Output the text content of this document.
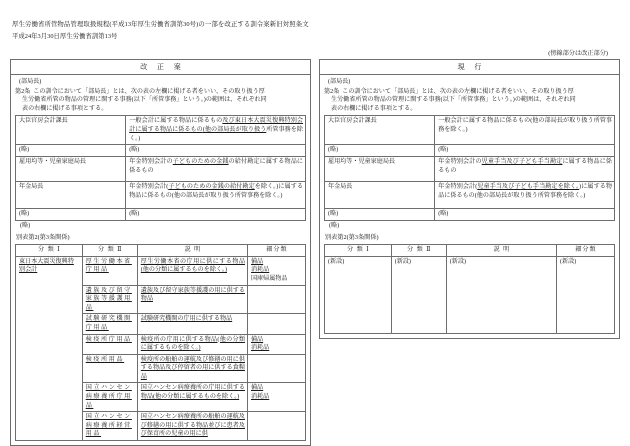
厚生労働省所管物品管理取扱規程(平成13年厚生労働省訓第30号)の一部を改正する訓令案新旧対照条文
平成24年3月30日厚生労働省訓第13号
(傍線部分は改正部分)
改 正 案
(部局長)
第2条 この訓令において「部局長」とは、次の表の左欄に掲げる者をいい、その取り扱う厚
生労働省所管の物品の管理に関する事務(以下「所管事務」という。)の範囲は、それぞれ同
表の右欄に掲げる事項とする。
大臣官房会計課長	一般会計に属する物品に係るもの及び東日本大震災復興特別会計に属する物品に係るもの(他の部局長が取り扱う所管事務を除く。)
(略)	(略)
雇用均等・児童家庭局長	年金特別会計の子どものための金銭の給付勘定に属する物品に係るもの
年金局長	年金特別会計(子どものための金銭の給付勘定を除く。)に属する物品に係るもの(他の部局長が取り扱う所管事務を除く。)
(略)	(略)
(略)
別表第2(第3条関係)
分 類 Ⅰ	分 類 Ⅱ	説 明	細分類
東日本大震災復興特別会計	厚生労働本省庁用品	厚生労働本省の庁用に供にする物品 (他の分類に属するものを除く。)	備品
消耗品
国庫帰属物品

	遺族及び留守家族等援護用品	遺族及び留守家族等援護の用に供する物品	
	試験研究機関庁用品	試験研究機関の庁用に供する物品	
	検疫所庁用品	検疫所の庁用に供する物品(他の分類に属するものを除く。)	備品
消耗品

	検疫所用品	検疫所の船舶の運航及び修繕の用に供する物品及び停留者の用に供する食糧品	
	国立ハンセン病療養所庁用品	国立ハンセン病療養所の庁用に供する物品(他の分類に属するものを除く。)	備品
消耗品

	国立ハンセン病療養所経営用品	国立ハンセン病療養所の船舶の運航及び修繕の用に供する物品並びに患者及び保育所の児童の用に供	
現 行
(部局長)
第2条 この訓令において「部局長」とは、次の表の左欄に掲げる者をいい、その取り扱う厚
生労働省所管の物品の管理に関する事務(以下「所管事務」という。)の範囲は、それぞれ同
表の右欄に掲げる事項とする。
大臣官房会計課長	一般会計に属する物品に係るもの(他の部局長が取り扱う所管事務を除く。)
(略)	(略)
雇用均等・児童家庭局長	年金特別会計の児童手当及び子ども手当勘定に属する物品に係るもの
年金局長	年金特別会計(児童手当及び子ども手当勘定を除く。)に属する物品に係るもの(他の部局長が取り扱う所管事務を除く。)
(略)	(略)
(略)
別表第2(第3条関係)
分 類 Ⅰ	分 類 Ⅱ	説 明	細分類
(新設)	(新設)	(新設)	(新設)
